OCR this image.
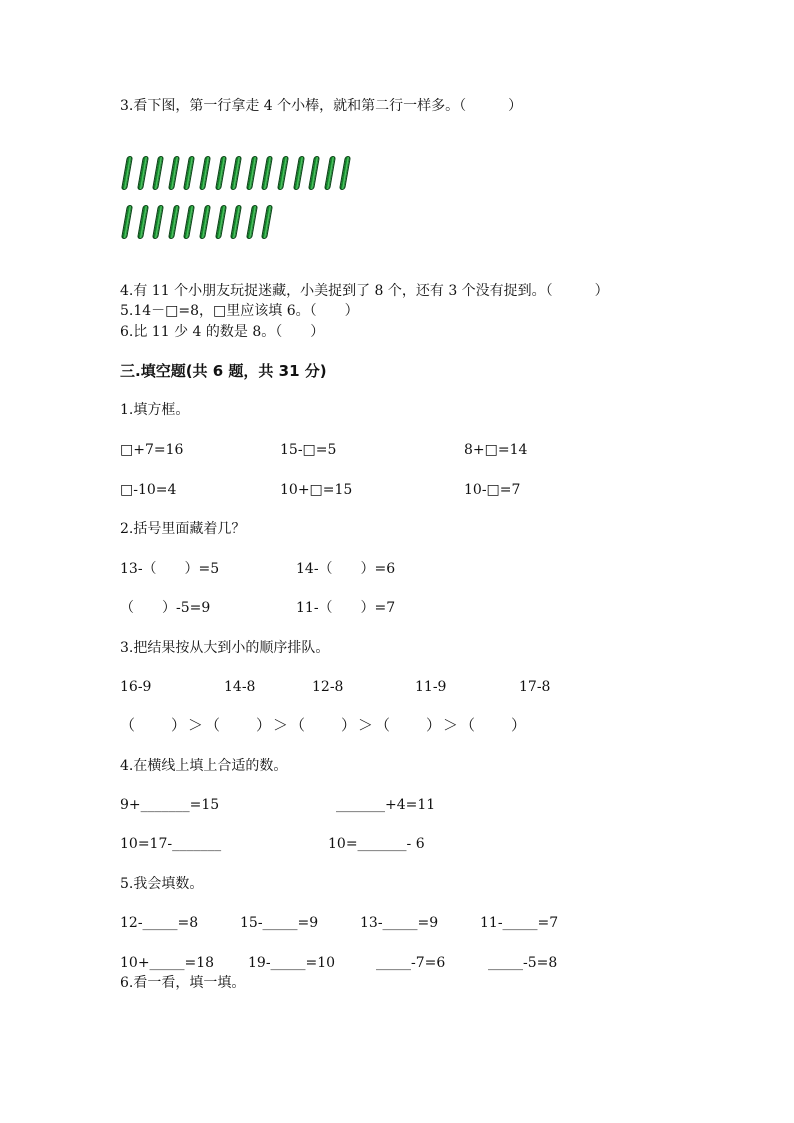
3.看下图，第一行拿走 4 个小棒，就和第二行一样多。（　　　）
4.有 11 个小朋友玩捉迷藏，小美捉到了 8 个，还有 3 个没有捉到。（　　　）
5.14－□=8，□里应该填 6。（　　）
6.比 11 少 4 的数是 8。（　　）
三.填空题(共 6 题，共 31 分)
1.填方框。
□+7=16	15-□=5	8+□=14
□-10=4	10+□=15	10-□=7
2.括号里面藏着几？
13-（　　）=5	14-（　　）=6
（　　）-5=9	11-（　　）=7
3.把结果按从大到小的顺序排队。
16-9	14-8	12-8	11-9	17-8
（　　）＞（　　）＞（　　）＞（　　）＞（　　）
4.在横线上填上合适的数。
9+_______=15	_______+4=11
10=17-_______	10=_______- 6
5.我会填数。
12-_____=8	15-_____=9	13-_____=9	11-_____=7
10+_____=18 19-_____=10	_____-7=6	_____-5=8
6.看一看，填一填。
